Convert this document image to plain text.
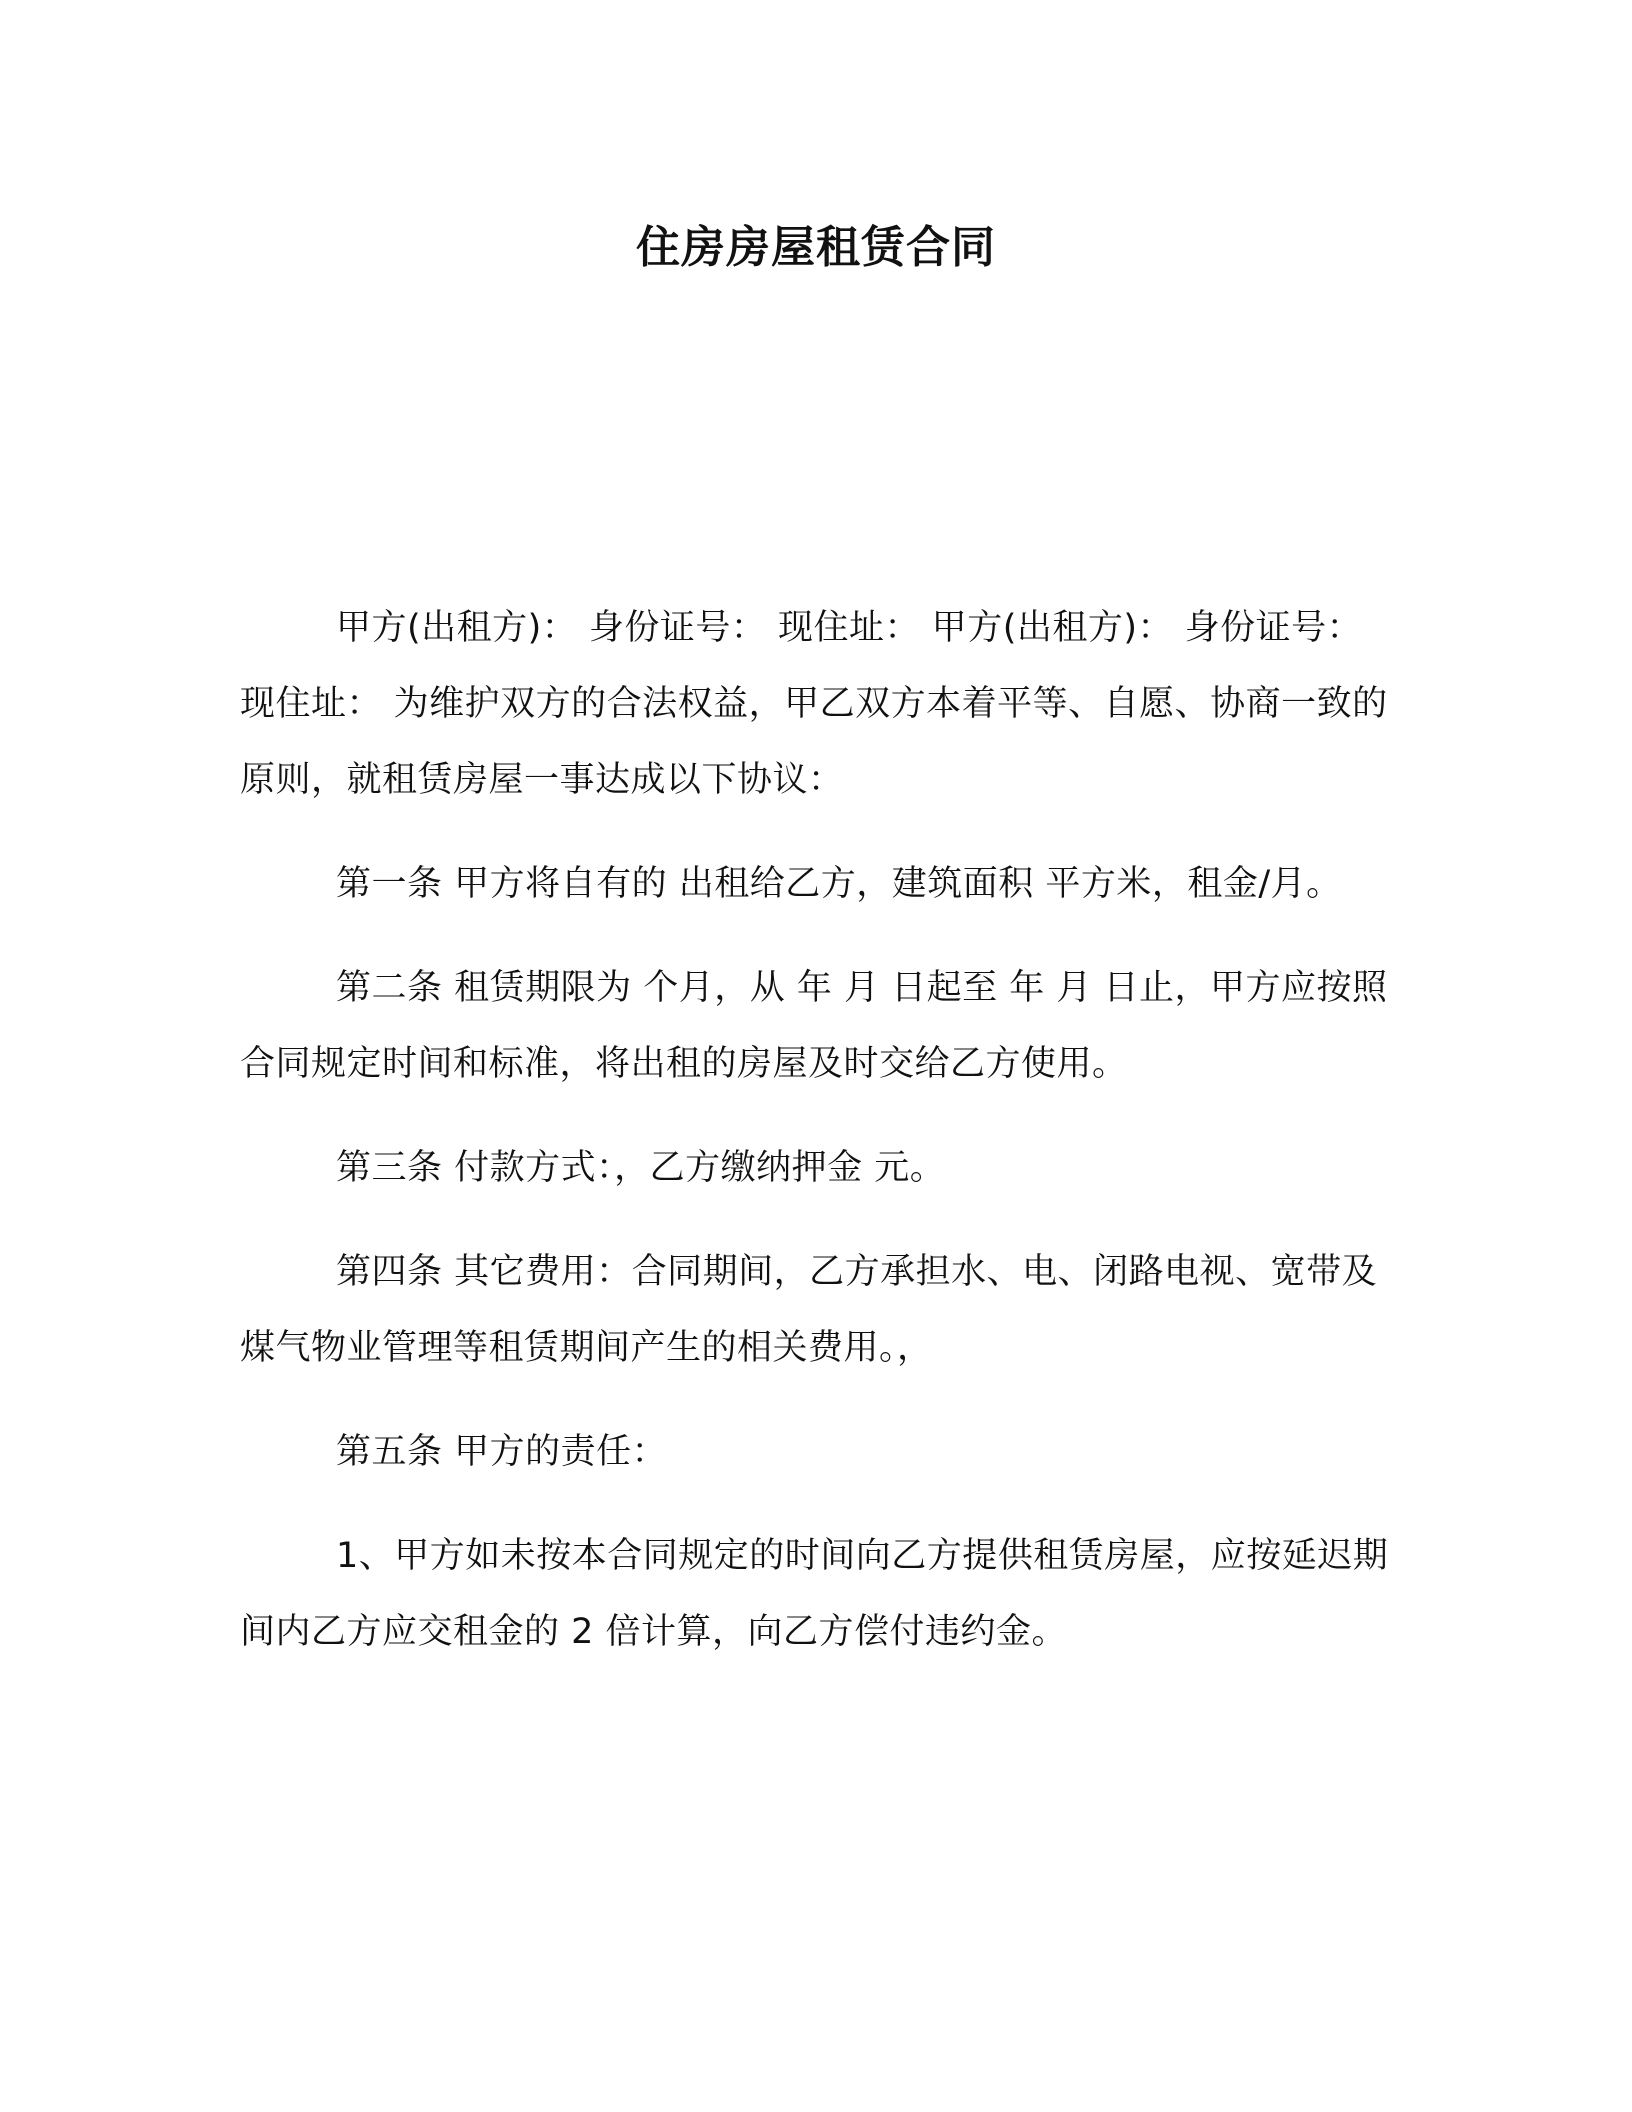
住房房屋租赁合同

甲方(出租方)： 身份证号： 现住址： 甲方(出租方)： 身份证号：现住址： 为维护双方的合法权益，甲乙双方本着平等、自愿、协商一致的原则，就租赁房屋一事达成以下协议：

第一条 甲方将自有的 出租给乙方，建筑面积 平方米，租金/月。

第二条 租赁期限为 个月，从 年 月 日起至 年 月 日止，甲方应按照合同规定时间和标准，将出租的房屋及时交给乙方使用。

第三条 付款方式：，乙方缴纳押金 元。

第四条 其它费用：合同期间，乙方承担水、电、闭路电视、宽带及煤气物业管理等租赁期间产生的相关费用。，

第五条 甲方的责任：

1、甲方如未按本合同规定的时间向乙方提供租赁房屋，应按延迟期间内乙方应交租金的 2 倍计算，向乙方偿付违约金。
